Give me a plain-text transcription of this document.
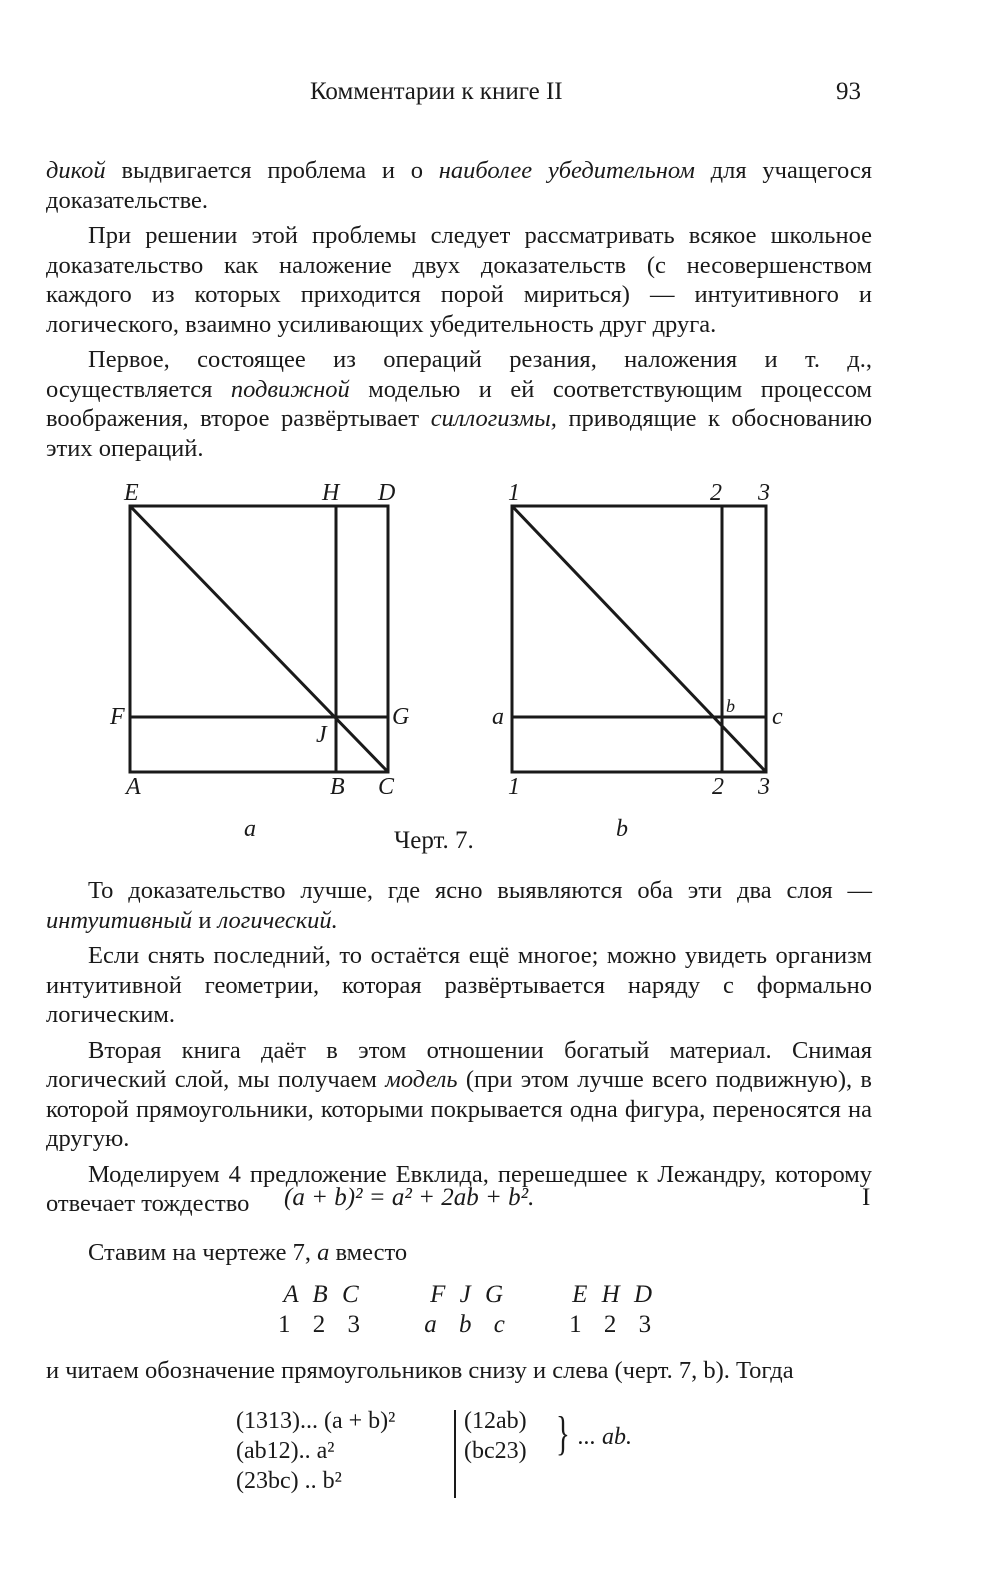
Комментарии к книге II	93

дикой выдвигается проблема и о наиболее убедительном для учащегося доказательстве.

При решении этой проблемы следует рассматривать всякое школьное доказательство как наложение двух доказательств (с несовершенством каждого из которых приходится порой мириться) — интуитивного и логического, взаимно усиливающих убедительность друг друга.

Первое, состоящее из операций резания, наложения и т. д., осуществляется подвижной моделью и ей соответствующим процессом воображения, второе развёртывает силлогизмы, приводящие к обоснованию этих операций.

E	H D
F
J
G
A	B C
1	2 3
a	b c
1	2 3
a	b
Черт. 7.

То доказательство лучше, где ясно выявляются оба эти два слоя — интуитивный и логический.

Если снять последний, то остаётся ещё многое; можно увидеть организм интуитивной геометрии, которая развёртывается наряду с формально логическим.

Вторая книга даёт в этом отношении богатый материал. Снимая логический слой, мы получаем модель (при этом лучше всего подвижную), в которой прямоугольники, которыми покрывается одна фигура, переносятся на другую.

Моделируем 4 предложение Евклида, перешедшее к Лежандру, которому отвечает тождество	(a + b)² = a² + 2ab + b².	I

Ставим на чертеже 7, a вместо

A B C
1 2 3

F J G
a b c

E H D
1 2 3

и читаем обозначение прямоугольников снизу и слева (черт. 7, b). Тогда

(1313)... (a + b)²
(ab12).. a²
(23bc) .. b²
(12ab)
(bc23) } ... ab.
